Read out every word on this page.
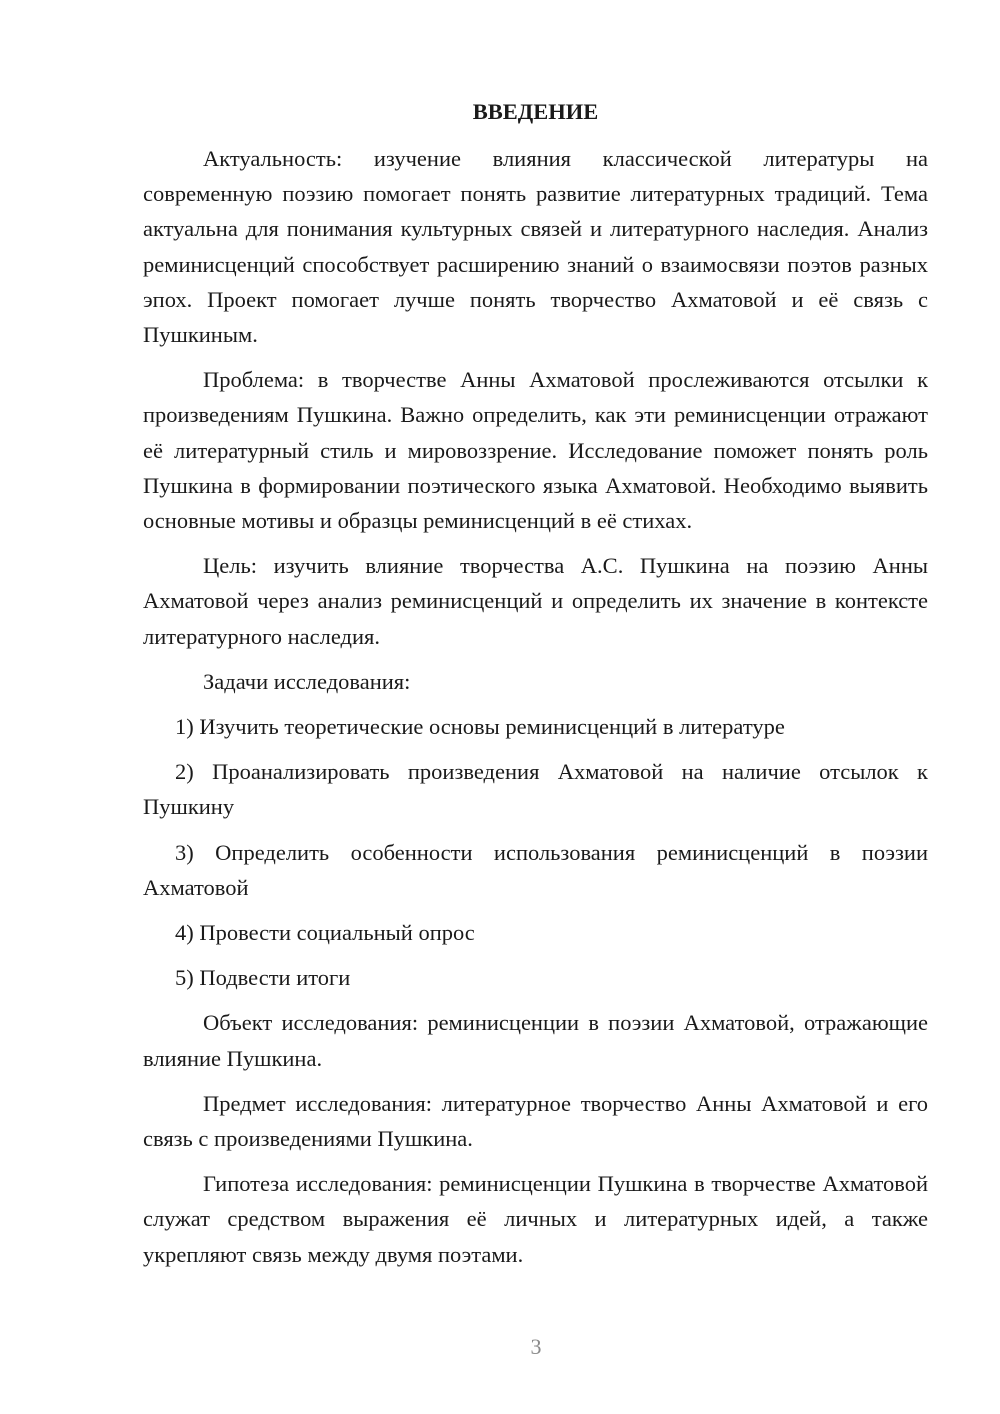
ВВЕДЕНИЕ

Актуальность: изучение влияния классической литературы на современную поэзию помогает понять развитие литературных традиций. Тема актуальна для понимания культурных связей и литературного наследия. Анализ реминисценций способствует расширению знаний о взаимосвязи поэтов разных эпох. Проект помогает лучше понять творчество Ахматовой и её связь с Пушкиным.

Проблема: в творчестве Анны Ахматовой прослеживаются отсылки к произведениям Пушкина. Важно определить, как эти реминисценции отражают её литературный стиль и мировоззрение. Исследование поможет понять роль Пушкина в формировании поэтического языка Ахматовой. Необходимо выявить основные мотивы и образцы реминисценций в её стихах.

Цель: изучить влияние творчества А.С. Пушкина на поэзию Анны Ахматовой через анализ реминисценций и определить их значение в контексте литературного наследия.

Задачи исследования:

1) Изучить теоретические основы реминисценций в литературе

2) Проанализировать произведения Ахматовой на наличие отсылок к Пушкину

3) Определить особенности использования реминисценций в поэзии Ахматовой

4) Провести социальный опрос

5) Подвести итоги

Объект исследования: реминисценции в поэзии Ахматовой, отражающие влияние Пушкина.

Предмет исследования: литературное творчество Анны Ахматовой и его связь с произведениями Пушкина.

Гипотеза исследования: реминисценции Пушкина в творчестве Ахматовой служат средством выражения её личных и литературных идей, а также укрепляют связь между двумя поэтами.

3
